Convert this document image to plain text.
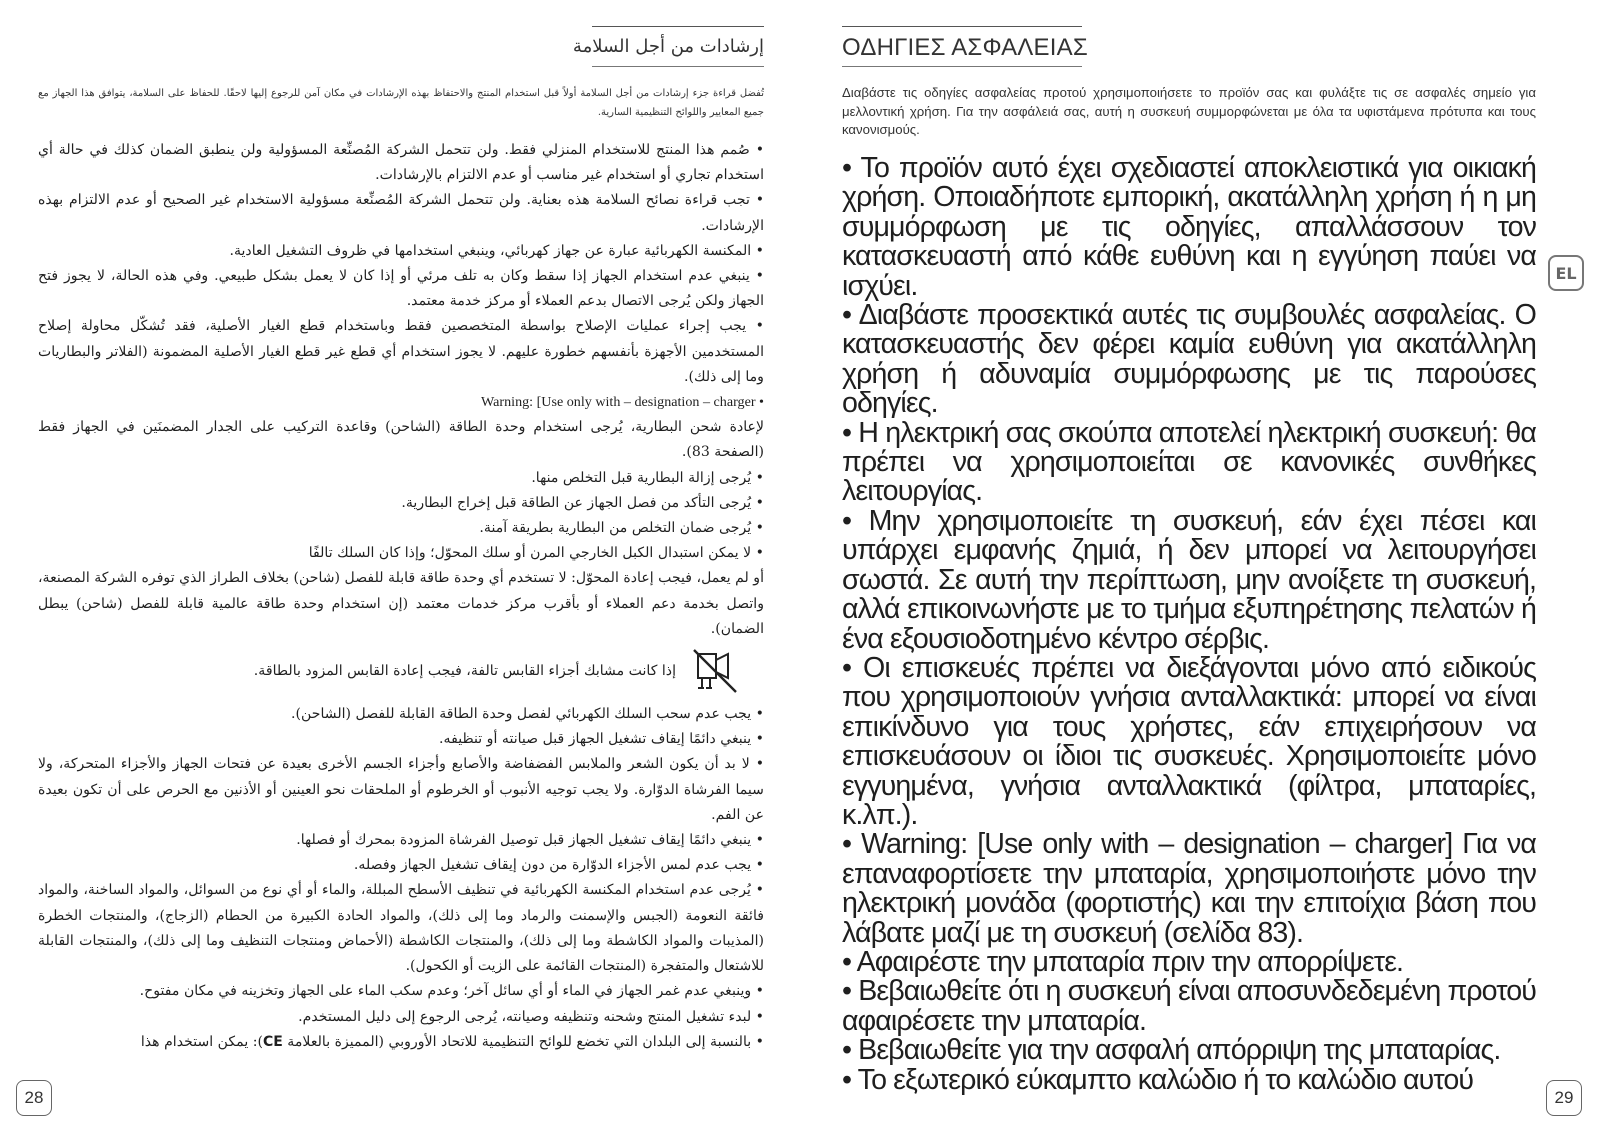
إرشادات من أجل السلامة
تُفضل قراءة جزء إرشادات من أجل السلامة أولاً قبل استخدام المنتج والاحتفاظ بهذه الإرشادات في مكان آمن للرجوع إليها لاحقًا. للحفاظ على السلامة، يتوافق هذا الجهاز مع جميع المعايير واللوائح التنظيمية السارية.
• صُمم هذا المنتج للاستخدام المنزلي فقط. ولن تتحمل الشركة المُصنِّعة المسؤولية ولن ينطبق الضمان كذلك في حالة أي استخدام تجاري أو استخدام غير مناسب أو عدم الالتزام بالإرشادات.
• تجب قراءة نصائح السلامة هذه بعناية. ولن تتحمل الشركة المُصنِّعة مسؤولية الاستخدام غير الصحيح أو عدم الالتزام بهذه الإرشادات.
• المكنسة الكهربائية عبارة عن جهاز كهربائي، وينبغي استخدامها في ظروف التشغيل العادية.
• ينبغي عدم استخدام الجهاز إذا سقط وكان به تلف مرئي أو إذا كان لا يعمل بشكل طبيعي. وفي هذه الحالة، لا يجوز فتح الجهاز ولكن يُرجى الاتصال بدعم العملاء أو مركز خدمة معتمد.
• يجب إجراء عمليات الإصلاح بواسطة المتخصصين فقط وباستخدام قطع الغيار الأصلية، فقد تُشكّل محاولة إصلاح المستخدمين الأجهزة بأنفسهم خطورة عليهم. لا يجوز استخدام أي قطع غير قطع الغيار الأصلية المضمونة (الفلاتر والبطاريات وما إلى ذلك).
• Warning: [Use only with – designation – charger
لإعادة شحن البطارية، يُرجى استخدام وحدة الطاقة (الشاحن) وقاعدة التركيب على الجدار المضمنَين في الجهاز فقط (الصفحة 83).
• يُرجى إزالة البطارية قبل التخلص منها.
• يُرجى التأكد من فصل الجهاز عن الطاقة قبل إخراج البطارية.
• يُرجى ضمان التخلص من البطارية بطريقة آمنة.
• لا يمكن استبدال الكبل الخارجي المرن أو سلك المحوّل؛ وإذا كان السلك تالفًا
أو لم يعمل، فيجب إعادة المحوّل: لا تستخدم أي وحدة طاقة قابلة للفصل (شاحن) بخلاف الطراز الذي توفره الشركة المصنعة، واتصل بخدمة دعم العملاء أو بأقرب مركز خدمات معتمد (إن استخدام وحدة طاقة عالمية قابلة للفصل (شاحن) يبطل الضمان).
إذا كانت مشابك أجزاء القابس تالفة، فيجب إعادة القابس المزود بالطاقة.
• يجب عدم سحب السلك الكهربائي لفصل وحدة الطاقة القابلة للفصل (الشاحن).
• ينبغي دائمًا إيقاف تشغيل الجهاز قبل صيانته أو تنظيفه.
• لا بد أن يكون الشعر والملابس الفضفاضة والأصابع وأجزاء الجسم الأخرى بعيدة عن فتحات الجهاز والأجزاء المتحركة، ولا سيما الفرشاة الدوّارة. ولا يجب توجيه الأنبوب أو الخرطوم أو الملحقات نحو العينين أو الأذنين مع الحرص على أن تكون بعيدة عن الفم.
• ينبغي دائمًا إيقاف تشغيل الجهاز قبل توصيل الفرشاة المزودة بمحرك أو فصلها.
• يجب عدم لمس الأجزاء الدوّارة من دون إيقاف تشغيل الجهاز وفصله.
• يُرجى عدم استخدام المكنسة الكهربائية في تنظيف الأسطح المبللة، والماء أو أي نوع من السوائل، والمواد الساخنة، والمواد فائقة النعومة (الجبس والإسمنت والرماد وما إلى ذلك)، والمواد الحادة الكبيرة من الحطام (الزجاج)، والمنتجات الخطرة (المذيبات والمواد الكاشطة وما إلى ذلك)، والمنتجات الكاشطة (الأحماض ومنتجات التنظيف وما إلى ذلك)، والمنتجات القابلة للاشتعال والمتفجرة (المنتجات القائمة على الزيت أو الكحول).
• وينبغي عدم غمر الجهاز في الماء أو أي سائل آخر؛ وعدم سكب الماء على الجهاز وتخزينه في مكان مفتوح.
• لبدء تشغيل المنتج وشحنه وتنظيفه وصيانته، يُرجى الرجوع إلى دليل المستخدم.
• بالنسبة إلى البلدان التي تخضع للوائح التنظيمية للاتحاد الأوروبي (المميزة بالعلامة CE): يمكن استخدام هذا
28
ΟΔΗΓΙΕΣ ΑΣΦΑΛΕΙΑΣ
Διαβάστε τις οδηγίες ασφαλείας προτού χρησιμοποιήσετε το προϊόν σας και φυλάξτε τις σε ασφαλές σημείο για μελλοντική χρήση. Για την ασφάλειά σας, αυτή η συσκευή συμμορφώνεται με όλα τα υφιστάμενα πρότυπα και τους κανονισμούς.
• Το προϊόν αυτό έχει σχεδιαστεί αποκλειστικά για οικιακή χρήση. Οποιαδήποτε εμπορική, ακατάλληλη χρήση ή η μη συμμόρφωση με τις οδηγίες, απαλλάσσουν τον κατασκευαστή από κάθε ευθύνη και η εγγύηση παύει να ισχύει.
• Διαβάστε προσεκτικά αυτές τις συμβουλές ασφαλείας. Ο κατασκευαστής δεν φέρει καμία ευθύνη για ακατάλληλη χρήση ή αδυναμία συμμόρφωσης με τις παρούσες οδηγίες.
• Η ηλεκτρική σας σκούπα αποτελεί ηλεκτρική συσκευή: θα πρέπει να χρησιμοποιείται σε κανονικές συνθήκες λειτουργίας.
• Μην χρησιμοποιείτε τη συσκευή, εάν έχει πέσει και υπάρχει εμφανής ζημιά, ή δεν μπορεί να λειτουργήσει σωστά. Σε αυτή την περίπτωση, μην ανοίξετε τη συσκευή, αλλά επικοινωνήστε με το τμήμα εξυπηρέτησης πελατών ή ένα εξουσιοδοτημένο κέντρο σέρβις.
• Οι επισκευές πρέπει να διεξάγονται μόνο από ειδικούς που χρησιμοποιούν γνήσια ανταλλακτικά: μπορεί να είναι επικίνδυνο για τους χρήστες, εάν επιχειρήσουν να επισκευάσουν οι ίδιοι τις συσκευές. Χρησιμοποιείτε μόνο εγγυημένα, γνήσια ανταλλακτικά (φίλτρα, μπαταρίες, κ.λπ.).
• Warning: [Use only with – designation – charger] Για να επαναφορτίσετε την μπαταρία, χρησιμοποιήστε μόνο την ηλεκτρική μονάδα (φορτιστής) και την επιτοίχια βάση που λάβατε μαζί με τη συσκευή (σελίδα 83).
• Αφαιρέστε την μπαταρία πριν την απορρίψετε.
• Βεβαιωθείτε ότι η συσκευή είναι αποσυνδεδεμένη προτού αφαιρέσετε την μπαταρία.
• Βεβαιωθείτε για την ασφαλή απόρριψη της μπαταρίας.
• Το εξωτερικό εύκαμπτο καλώδιο ή το καλώδιο αυτού
29
EL
